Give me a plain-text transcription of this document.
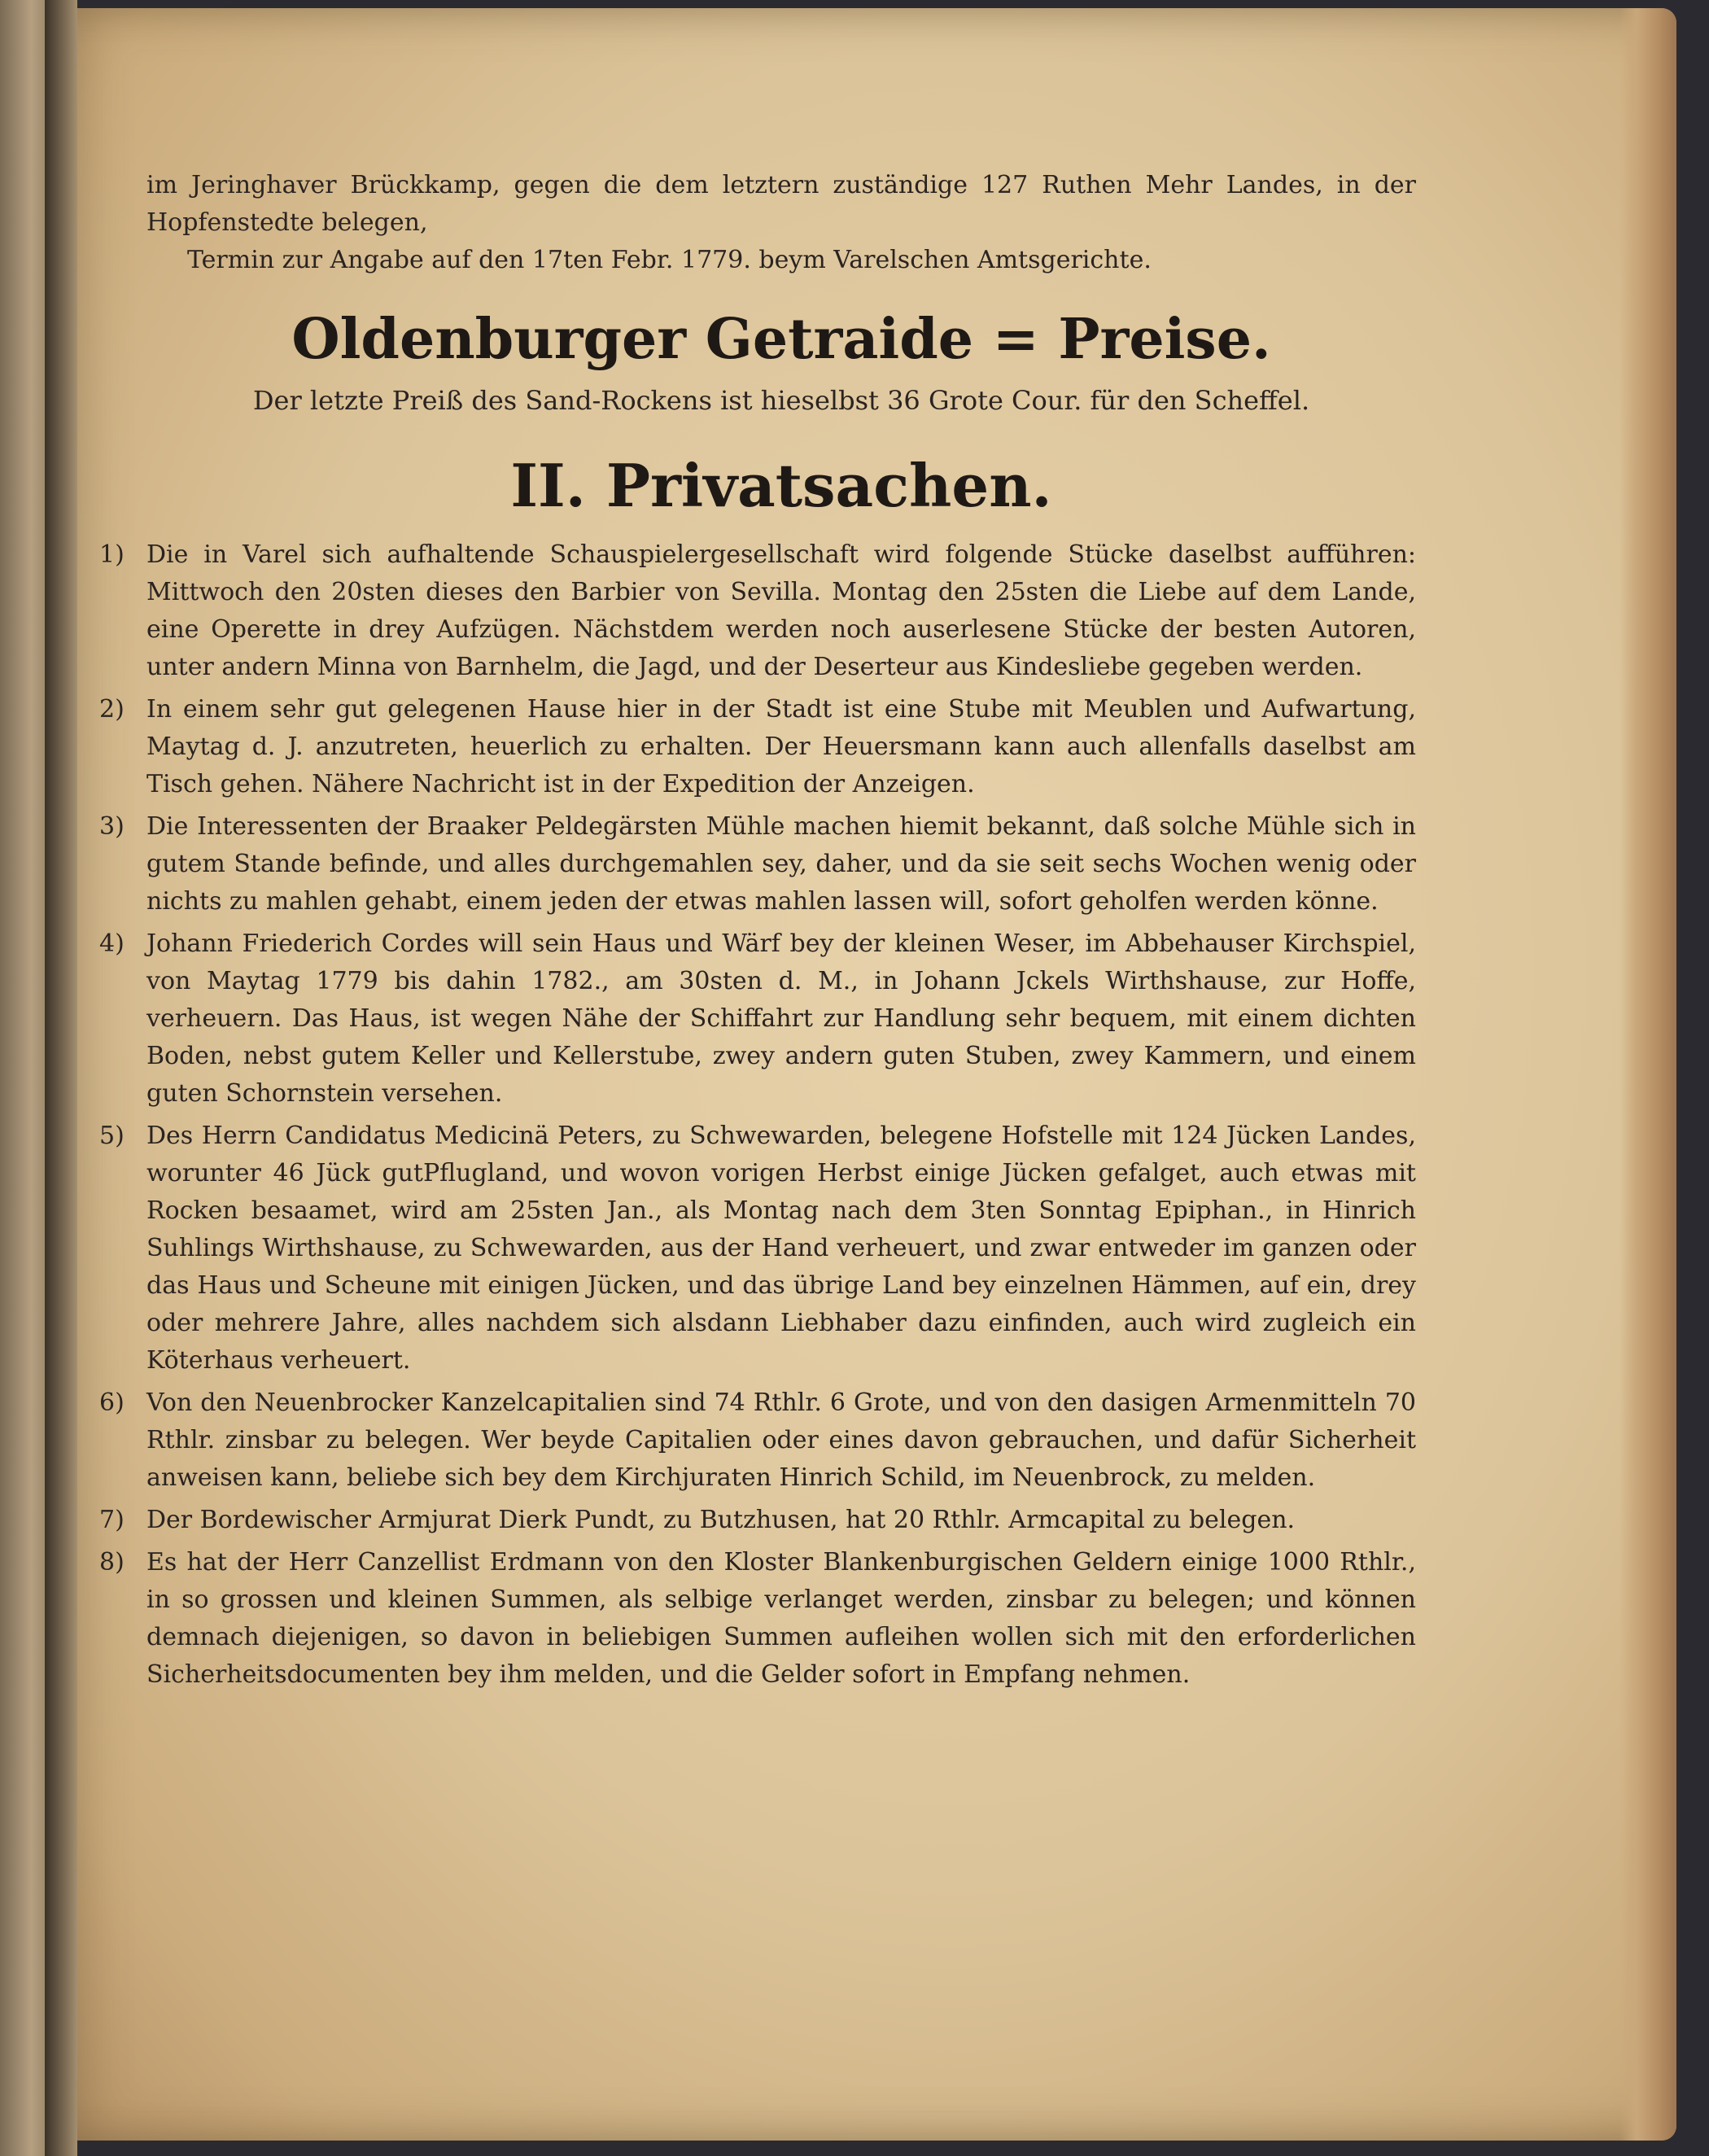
im Jeringhaver Brückkamp, gegen die dem letztern zuständige 127 Ruthen Mehr Landes, in der Hopfenstedte belegen,

Termin zur Angabe auf den 17ten Febr. 1779. beym Varelschen Amtsgerichte.

Oldenburger Getraide = Preise.

Der letzte Preiß des Sand-Rockens ist hieselbst 36 Grote Cour. für den Scheffel.

II. Privatsachen.
1) Die in Varel sich aufhaltende Schauspielergesellschaft wird folgende Stücke daselbst aufführen: Mittwoch den 20sten dieses den Barbier von Sevilla. Montag den 25sten die Liebe auf dem Lande, eine Operette in drey Aufzügen. Nächstdem werden noch auserlesene Stücke der besten Autoren, unter andern Minna von Barnhelm, die Jagd, und der Deserteur aus Kindesliebe gegeben werden.

2) In einem sehr gut gelegenen Hause hier in der Stadt ist eine Stube mit Meublen und Aufwartung, Maytag d. J. anzutreten, heuerlich zu erhalten. Der Heuersmann kann auch allenfalls daselbst am Tisch gehen. Nähere Nachricht ist in der Expedition der Anzeigen.

3) Die Interessenten der Braaker Peldegärsten Mühle machen hiemit bekannt, daß solche Mühle sich in gutem Stande befinde, und alles durchgemahlen sey, daher, und da sie seit sechs Wochen wenig oder nichts zu mahlen gehabt, einem jeden der etwas mahlen lassen will, sofort geholfen werden könne.

4) Johann Friederich Cordes will sein Haus und Wärf bey der kleinen Weser, im Abbehauser Kirchspiel, von Maytag 1779 bis dahin 1782., am 30sten d. M., in Johann Jckels Wirthshause, zur Hoffe, verheuern. Das Haus, ist wegen Nähe der Schiffahrt zur Handlung sehr bequem, mit einem dichten Boden, nebst gutem Keller und Kellerstube, zwey andern guten Stuben, zwey Kammern, und einem guten Schornstein versehen.

5) Des Herrn Candidatus Medicinä Peters, zu Schwewarden, belegene Hofstelle mit 124 Jücken Landes, worunter 46 Jück gutPflugland, und wovon vorigen Herbst einige Jücken gefalget, auch etwas mit Rocken besaamet, wird am 25sten Jan., als Montag nach dem 3ten Sonntag Epiphan., in Hinrich Suhlings Wirthshause, zu Schwewarden, aus der Hand verheuert, und zwar entweder im ganzen oder das Haus und Scheune mit einigen Jücken, und das übrige Land bey einzelnen Hämmen, auf ein, drey oder mehrere Jahre, alles nachdem sich alsdann Liebhaber dazu einfinden, auch wird zugleich ein Köterhaus verheuert.

6) Von den Neuenbrocker Kanzelcapitalien sind 74 Rthlr. 6 Grote, und von den dasigen Armenmitteln 70 Rthlr. zinsbar zu belegen. Wer beyde Capitalien oder eines davon gebrauchen, und dafür Sicherheit anweisen kann, beliebe sich bey dem Kirchjuraten Hinrich Schild, im Neuenbrock, zu melden.

7) Der Bordewischer Armjurat Dierk Pundt, zu Butzhusen, hat 20 Rthlr. Armcapital zu belegen.

8) Es hat der Herr Canzellist Erdmann von den Kloster Blankenburgischen Geldern einige 1000 Rthlr., in so grossen und kleinen Summen, als selbige verlanget werden, zinsbar zu belegen; und können demnach diejenigen, so davon in beliebigen Summen aufleihen wollen sich mit den erforderlichen Sicherheitsdocumenten bey ihm melden, und die Gelder sofort in Empfang nehmen.
